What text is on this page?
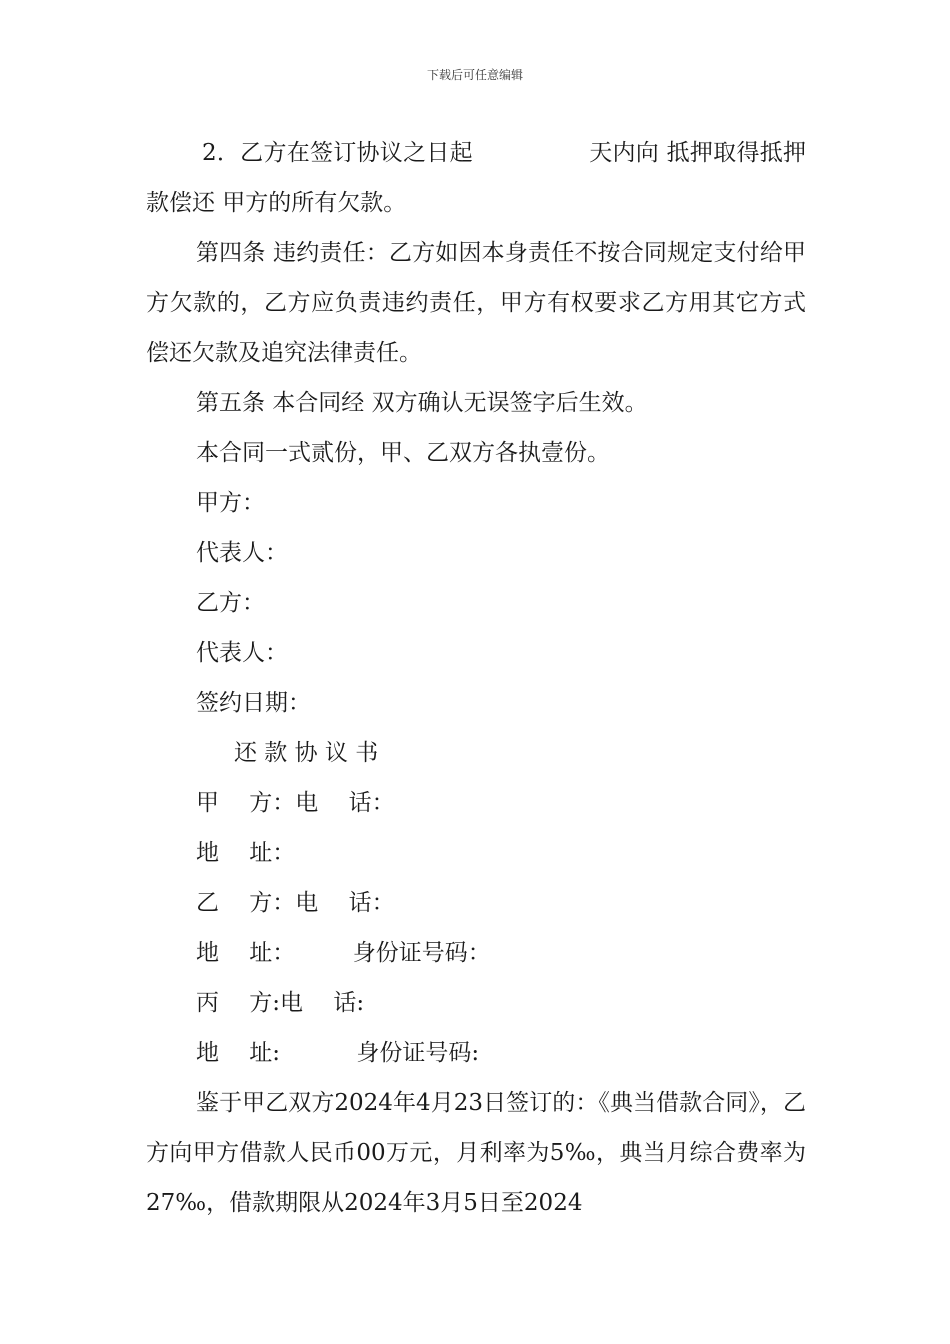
下载后可任意编辑

2．乙方在签订协议之日起　　　　　天内向 抵押取得抵押款偿还 甲方的所有欠款。

第四条 违约责任：乙方如因本身责任不按合同规定支付给甲方欠款的，乙方应负责违约责任，甲方有权要求乙方用其它方式偿还欠款及追究法律责任。

第五条 本合同经 双方确认无误签字后生效。

本合同一式贰份，甲、乙双方各执壹份。

甲方：

代表人：

乙方：

代表人：

签约日期：

还 款 协 议 书

甲　 方：电　 话：

地　 址：

乙　 方：电　 话：

地　 址：　　　身份证号码：

丙　 方:电　 话:

地　 址:　　　 身份证号码:

鉴于甲乙双方2024年4月23日签订的：《典当借款合同》，乙方向甲方借款人民币00万元，月利率为5‰，典当月综合费率为27‰，借款期限从2024年3月5日至2024
